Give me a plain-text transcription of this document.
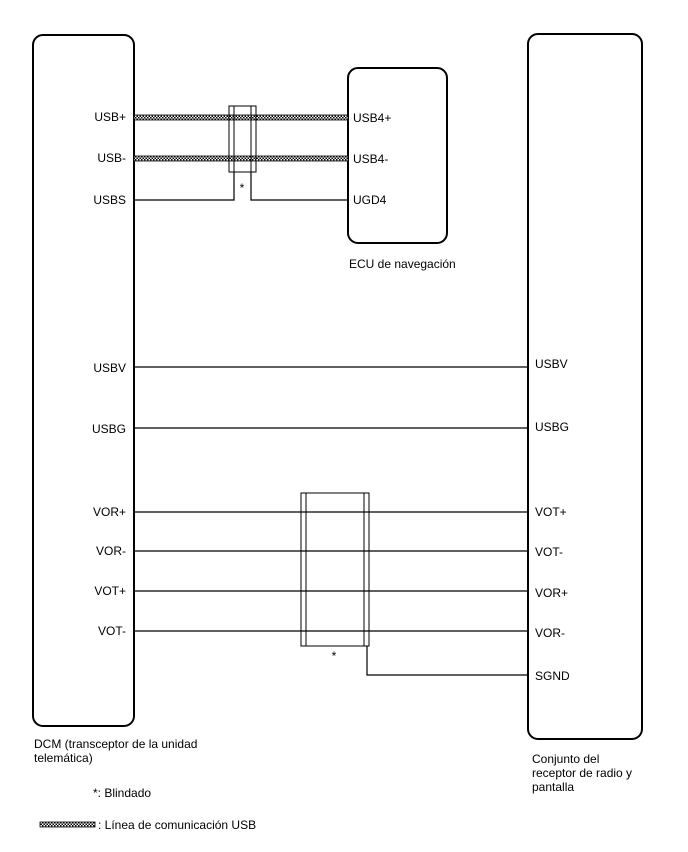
USB+
USB-
USBS
USBV
USBG
VOR+
VOR-
VOT+
VOT-
USB4+
USB4-
UGD4
ECU de navegación
USBV
USBG
VOT+
VOT-
VOR+
VOR-
SGND
*
*
DCM (transceptor de la unidad
telemática)	Conjunto del
receptor de radio y
pantalla
*: Blindado
: Línea de comunicación USB
